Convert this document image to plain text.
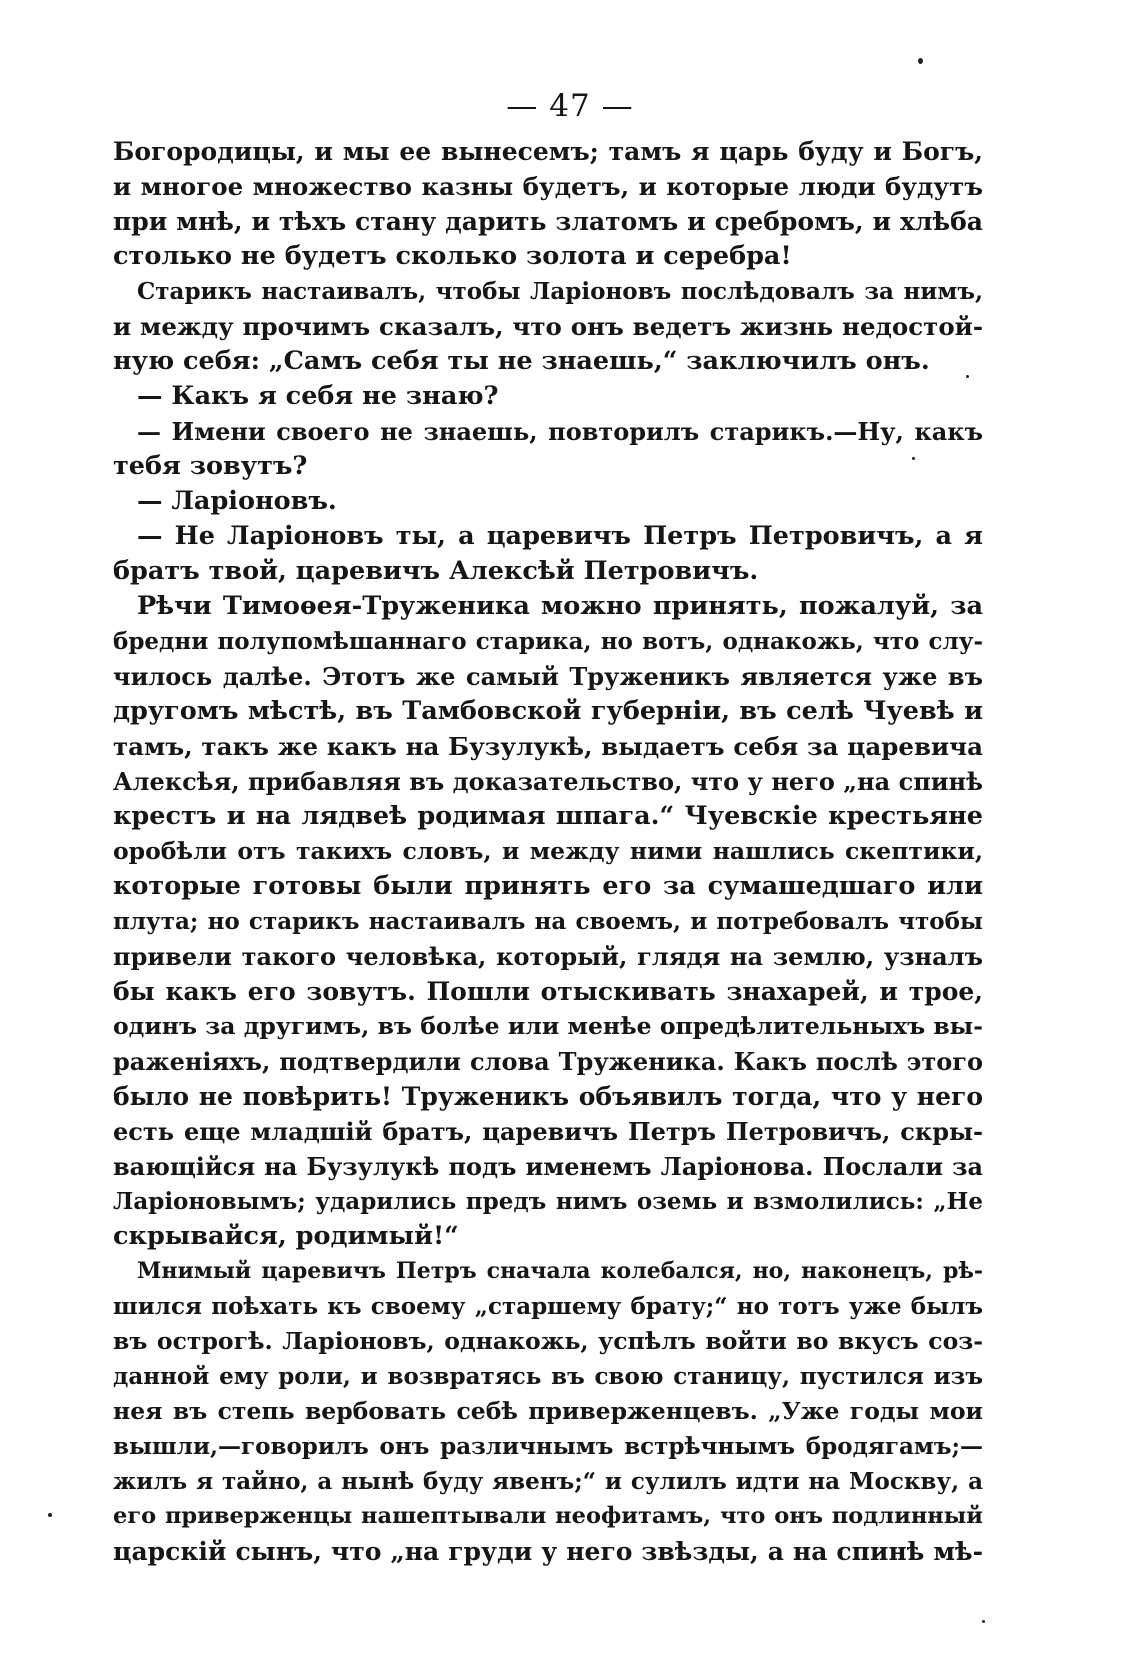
— 47 —
Богородицы, и мы ее вынесемъ; тамъ я царь буду и Богъ,
и многое множество казны будетъ, и которые люди будутъ
при мнѣ, и тѣхъ стану дарить златомъ и сребромъ, и хлѣба
столько не будетъ сколько золота и серебра!
Старикъ настаивалъ, чтобы Ларіоновъ послѣдовалъ за нимъ,
и между прочимъ сказалъ, что онъ ведетъ жизнь недостой-
ную себя: „Самъ себя ты не знаешь,“ заключилъ онъ.
— Какъ я себя не знаю?
— Имени своего не знаешь, повторилъ старикъ.—Ну, какъ
тебя зовутъ?
— Ларіоновъ.
— Не Ларіоновъ ты, а царевичъ Петръ Петровичъ, а я
братъ твой, царевичъ Алексѣй Петровичъ.
Рѣчи Тимоѳея-Труженика можно принять, пожалуй, за
бредни полупомѣшаннаго старика, но вотъ, однакожь, что слу-
чилось далѣе. Этотъ же самый Труженикъ является уже въ
другомъ мѣстѣ, въ Тамбовской губерніи, въ селѣ Чуевѣ и
тамъ, такъ же какъ на Бузулукѣ, выдаетъ себя за царевича
Алексѣя, прибавляя въ доказательство, что у него „на спинѣ
крестъ и на лядвеѣ родимая шпага.“ Чуевскіе крестьяне
оробѣли отъ такихъ словъ, и между ними нашлись скептики,
которые готовы были принять его за сумашедшаго или
плута; но старикъ настаивалъ на своемъ, и потребовалъ чтобы
привели такого человѣка, который, глядя на землю, узналъ
бы какъ его зовутъ. Пошли отыскивать знахарей, и трое,
одинъ за другимъ, въ болѣе или менѣе опредѣлительныхъ вы-
раженіяхъ, подтвердили слова Труженика. Какъ послѣ этого
было не повѣрить! Труженикъ объявилъ тогда, что у него
есть еще младшій братъ, царевичъ Петръ Петровичъ, скры-
вающійся на Бузулукѣ подъ именемъ Ларіонова. Послали за
Ларіоновымъ; ударились предъ нимъ оземь и взмолились: „Не
скрывайся, родимый!“
Мнимый царевичъ Петръ сначала колебался, но, наконецъ, рѣ-
шился поѣхать къ своему „старшему брату;“ но тотъ уже былъ
въ острогѣ. Ларіоновъ, однакожь, успѣлъ войти во вкусъ соз-
данной ему роли, и возвратясь въ свою станицу, пустился изъ
нея въ степь вербовать себѣ приверженцевъ. „Уже годы мои
вышли,—говорилъ онъ различнымъ встрѣчнымъ бродягамъ;—
жилъ я тайно, а нынѣ буду явенъ;“ и сулилъ идти на Москву, а
его приверженцы нашептывали неофитамъ, что онъ подлинный
царскій сынъ, что „на груди у него звѣзды, а на спинѣ мѣ-
